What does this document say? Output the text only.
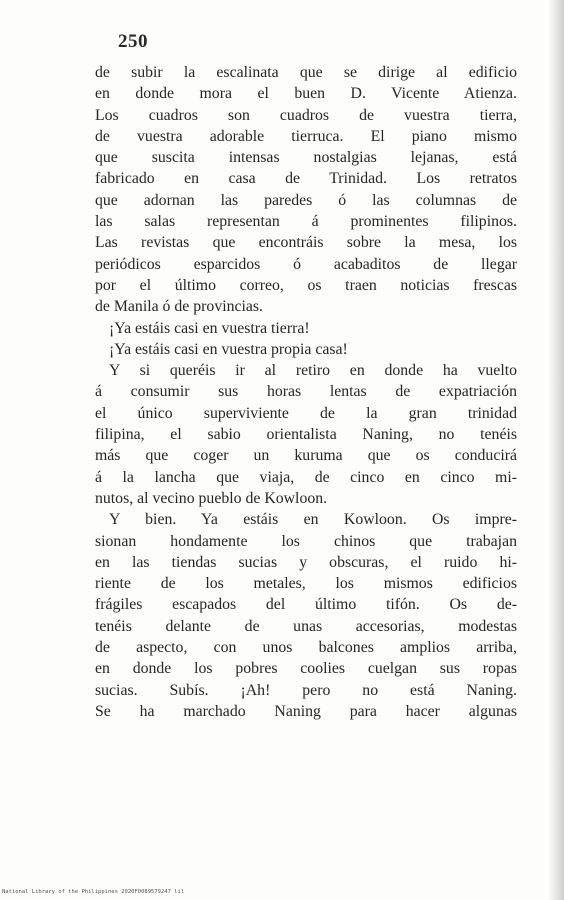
250
de subir la escalinata que se dirige al edificio
en donde mora el buen D. Vicente Atienza.
Los cuadros son cuadros de vuestra tierra,
de vuestra adorable tierruca. El piano mismo
que suscita intensas nostalgias lejanas, está
fabricado en casa de Trinidad. Los retratos
que adornan las paredes ó las columnas de
las salas representan á prominentes filipinos.
Las revistas que encontráis sobre la mesa, los
periódicos esparcidos ó acabaditos de llegar
por el último correo, os traen noticias frescas
de Manila ó de provincias.
¡Ya estáis casi en vuestra tierra!
¡Ya estáis casi en vuestra propia casa!
Y si queréis ir al retiro en donde ha vuelto
á consumir sus horas lentas de expatriación
el único superviviente de la gran trinidad
filipina, el sabio orientalista Naning, no tenéis
más que coger un kuruma que os conducirá
á la lancha que viaja, de cinco en cinco mi-
nutos, al vecino pueblo de Kowloon.
Y bien. Ya estáis en Kowloon. Os impre-
sionan hondamente los chinos que trabajan
en las tiendas sucias y obscuras, el ruido hi-
riente de los metales, los mismos edificios
frágiles escapados del último tifón. Os de-
tenéis delante de unas accesorias, modestas
de aspecto, con unos balcones amplios arriba,
en donde los pobres coolies cuelgan sus ropas
sucias. Subís. ¡Ah! pero no está Naning.
Se ha marchado Naning para hacer algunas
National Library of the Philippines 2020F0089579247 lil
